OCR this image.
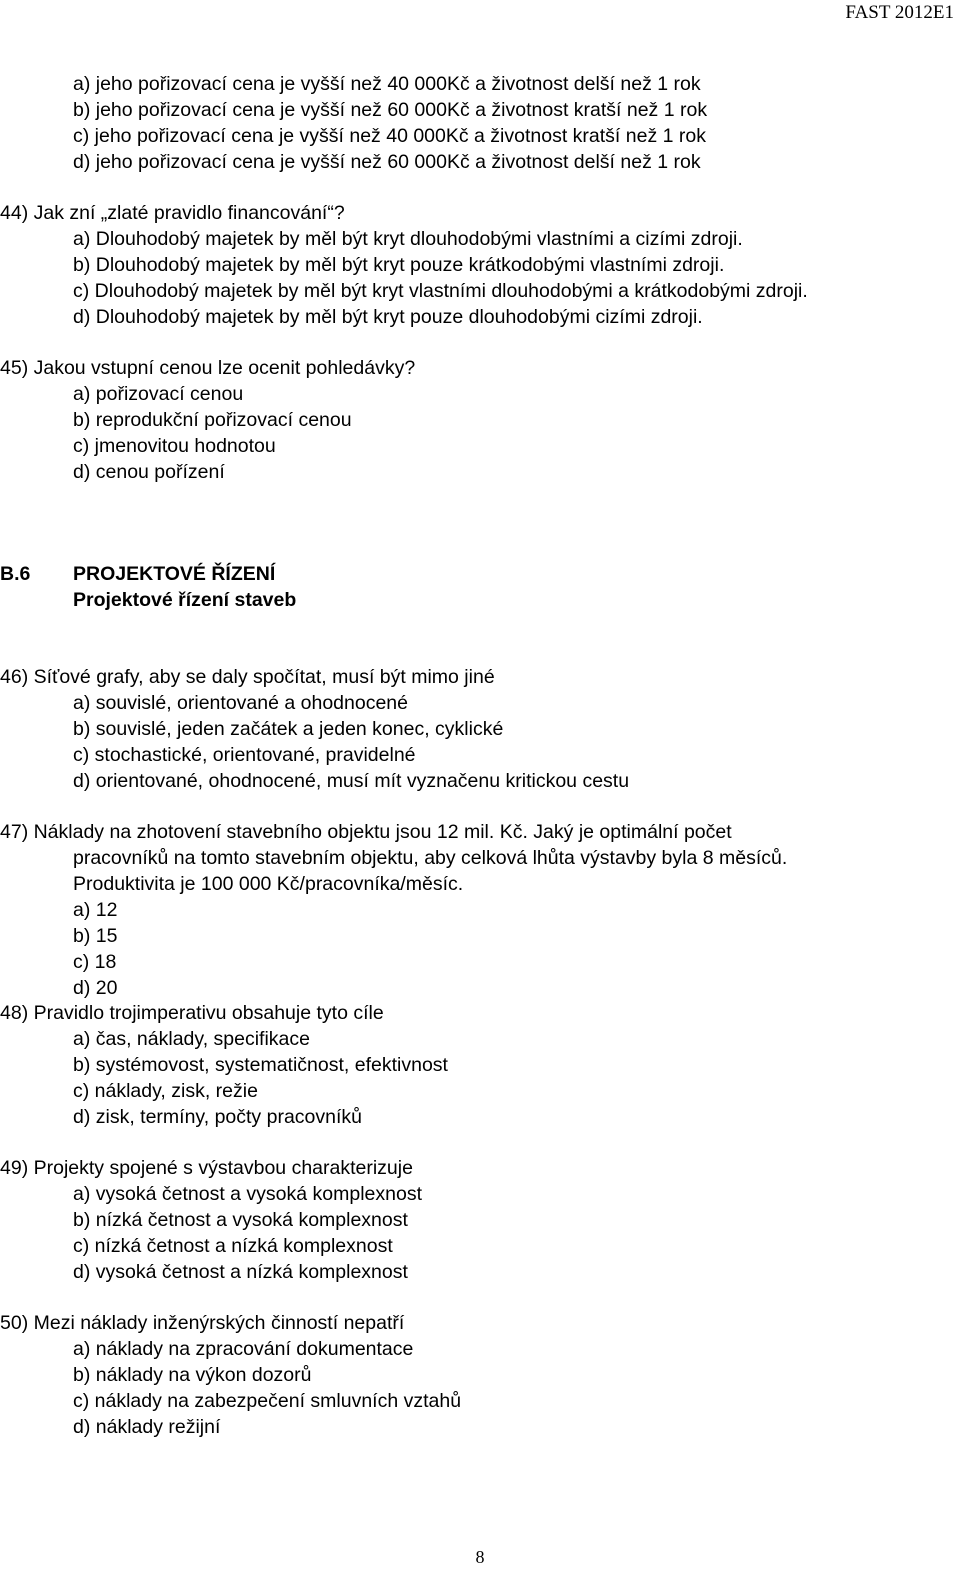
FAST 2012E1
a) jeho pořizovací cena je vyšší než 40 000Kč a životnost delší než 1 rok
b) jeho pořizovací cena je vyšší než 60 000Kč a životnost kratší než 1 rok
c) jeho pořizovací cena je vyšší než 40 000Kč a životnost kratší než 1 rok
d) jeho pořizovací cena je vyšší než 60 000Kč a životnost delší než 1 rok
44) Jak zní „zlaté pravidlo financování“?
a) Dlouhodobý majetek by měl být kryt dlouhodobými vlastními a cizími zdroji.
b) Dlouhodobý majetek by měl být kryt pouze krátkodobými vlastními zdroji.
c) Dlouhodobý majetek by měl být kryt vlastními dlouhodobými a krátkodobými zdroji.
d) Dlouhodobý majetek by měl být kryt pouze dlouhodobými cizími zdroji.
45) Jakou vstupní cenou lze ocenit pohledávky?
a) pořizovací cenou
b) reprodukční pořizovací cenou
c) jmenovitou hodnotou
d) cenou pořízení
B.6 PROJEKTOVÉ ŘÍZENÍ
Projektové řízení staveb
46) Síťové grafy, aby se daly spočítat, musí být mimo jiné
a) souvislé, orientované a ohodnocené
b) souvislé, jeden začátek a jeden konec, cyklické
c) stochastické, orientované, pravidelné
d) orientované, ohodnocené, musí mít vyznačenu kritickou cestu
47) Náklady na zhotovení stavebního objektu jsou 12 mil. Kč. Jaký je optimální počet
pracovníků na tomto stavebním objektu, aby celková lhůta výstavby byla 8 měsíců.
Produktivita je 100 000 Kč/pracovníka/měsíc.
a) 12
b) 15
c) 18
d) 20
48) Pravidlo trojimperativu obsahuje tyto cíle
a) čas, náklady, specifikace
b) systémovost, systematičnost, efektivnost
c) náklady, zisk, režie
d) zisk, termíny, počty pracovníků
49) Projekty spojené s výstavbou charakterizuje
a) vysoká četnost a vysoká komplexnost
b) nízká četnost a vysoká komplexnost
c) nízká četnost a nízká komplexnost
d) vysoká četnost a nízká komplexnost
50) Mezi náklady inženýrských činností nepatří
a) náklady na zpracování dokumentace
b) náklady na výkon dozorů
c) náklady na zabezpečení smluvních vztahů
d) náklady režijní
8
